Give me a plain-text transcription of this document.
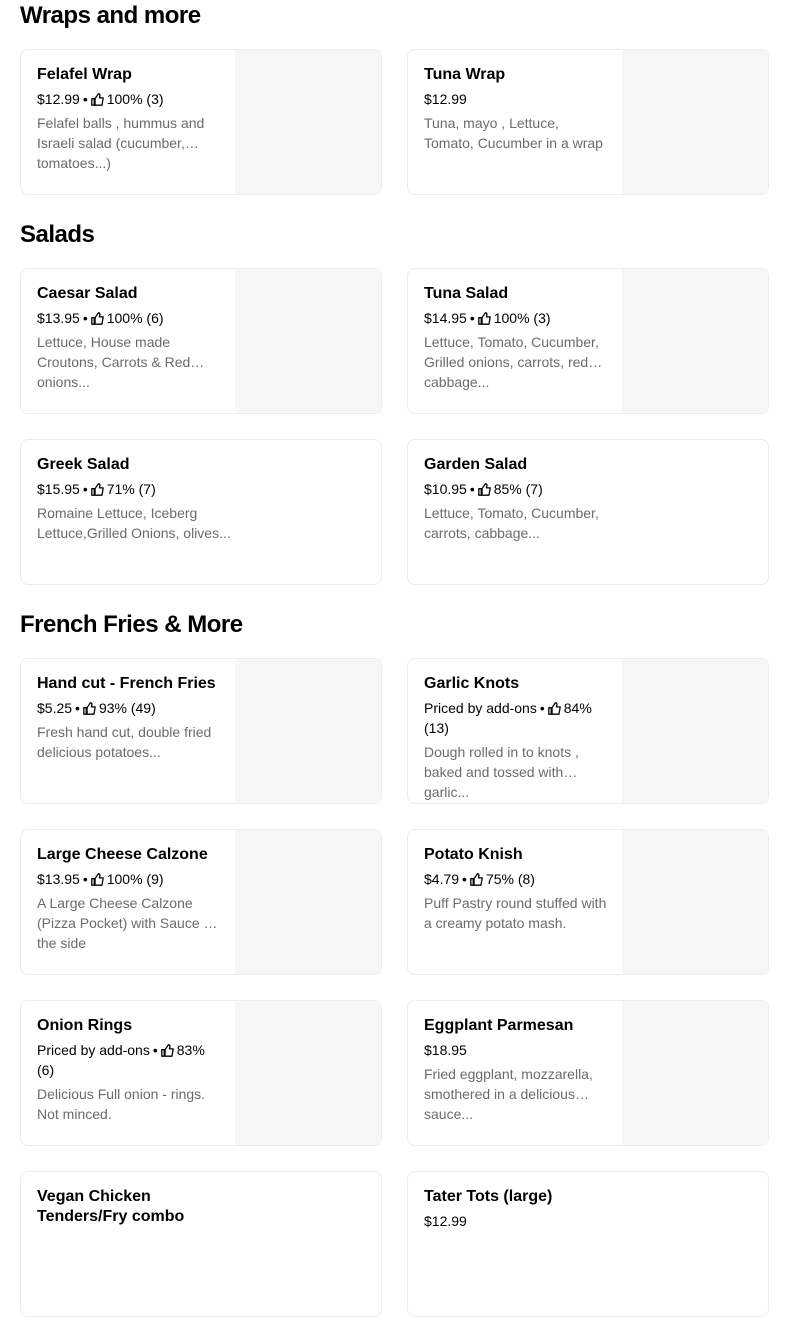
Wraps and more
Salads
French Fries & More
Felafel Wrap
$12.99 • 100% (3)
Felafel balls , hummus and Israeli salad (cucumber, tomatoes...)
Tuna Wrap
$12.99
Tuna, mayo , Lettuce, Tomato, Cucumber in a wrap
Caesar Salad
$13.95 • 100% (6)
Lettuce, House made Croutons, Carrots & Red onions...
Tuna Salad
$14.95 • 100% (3)
Lettuce, Tomato, Cucumber, Grilled onions, carrots, red cabbage...
Greek Salad
$15.95 • 71% (7)
Romaine Lettuce, Iceberg Lettuce,Grilled Onions, olives...
Garden Salad
$10.95 • 85% (7)
Lettuce, Tomato, Cucumber, carrots, cabbage...
Hand cut - French Fries
$5.25 • 93% (49)
Fresh hand cut, double fried delicious potatoes...
Garlic Knots
Priced by add-ons • 84% (13)
Dough rolled in to knots , baked and tossed with garlic...
Large Cheese Calzone
$13.95 • 100% (9)
A Large Cheese Calzone (Pizza Pocket) with Sauce on the side
Potato Knish
$4.79 • 75% (8)
Puff Pastry round stuffed with a creamy potato mash.
Onion Rings
Priced by add-ons • 83% (6)
Delicious Full onion - rings. Not minced.
Eggplant Parmesan
$18.95
Fried eggplant, mozzarella, smothered in a delicious sauce...
Vegan Chicken Tenders/Fry combo
Tater Tots (large)
$12.99
